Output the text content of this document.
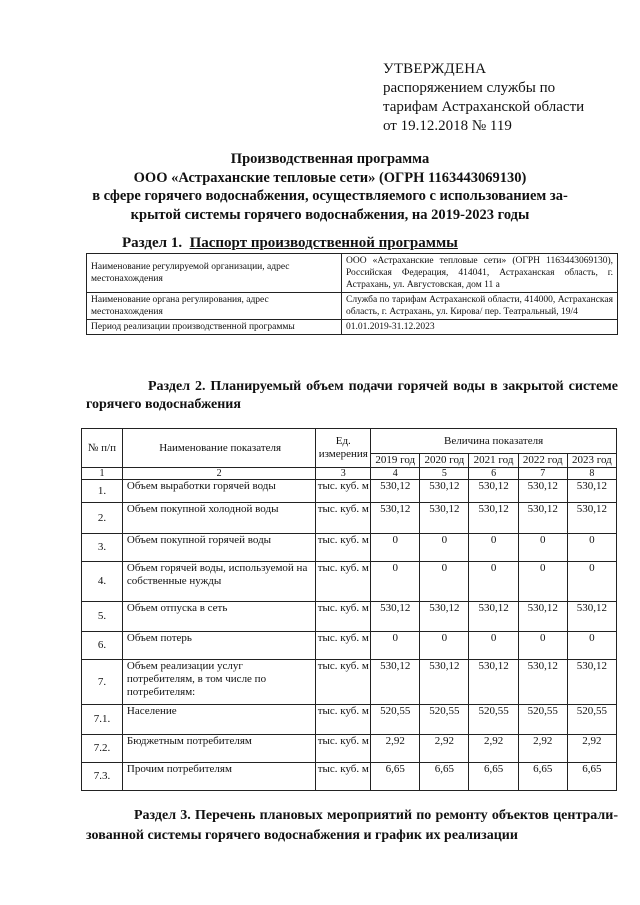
УТВЕРЖДЕНА
распоряжением службы по
тарифам Астраханской области
от 19.12.2018 № 119
Производственная программа
ООО «Астраханские тепловые сети» (ОГРН 1163443069130)
в сфере горячего водоснабжения, осуществляемого с использованием за-
крытой системы горячего водоснабжения, на 2019-2023 годы
Раздел 1. Паспорт производственной программы
Наименование регулируемой организации, адрес местонахождения	ООО «Астраханские тепловые сети» (ОГРН 1163443069130), Российская Федерация, 414041, Астраханская область, г. Астрахань, ул. Августовская, дом 11 а
Наименование органа регулирования, адрес местонахождения	Служба по тарифам Астраханской области, 414000, Астраханская область, г. Астрахань, ул. Кирова/ пер. Театральный, 19/4
Период реализации производственной программы	01.01.2019-31.12.2023
Раздел 2. Планируемый объем подачи горячей воды в закрытой системе
горячего водоснабжения
№ п/п	Наименование показателя	Ед. измерения	Величина показателя				
			2019 год	2020 год	2021 год	2022 год	2023 год
1	2	3	4	5	6	7	8
1.	Объем выработки горячей воды	тыс. куб. м	530,12	530,12	530,12	530,12	530,12
2.	Объем покупной холодной воды	тыс. куб. м	530,12	530,12	530,12	530,12	530,12
3.	Объем покупной горячей воды	тыс. куб. м	0	0	0	0	0
4.	Объем горячей воды, используемой на собственные нужды	тыс. куб. м	0	0	0	0	0
5.	Объем отпуска в сеть	тыс. куб. м	530,12	530,12	530,12	530,12	530,12
6.	Объем потерь	тыс. куб. м	0	0	0	0	0
7.	Объем реализации услуг потребителям, в том числе по потребителям:	тыс. куб. м	530,12	530,12	530,12	530,12	530,12
7.1.	Население	тыс. куб. м	520,55	520,55	520,55	520,55	520,55
7.2.	Бюджетным потребителям	тыс. куб. м	2,92	2,92	2,92	2,92	2,92
7.3.	Прочим потребителям	тыс. куб. м	6,65	6,65	6,65	6,65	6,65
Раздел 3. Перечень плановых мероприятий по ремонту объектов централи-
зованной системы горячего водоснабжения и график их реализации
